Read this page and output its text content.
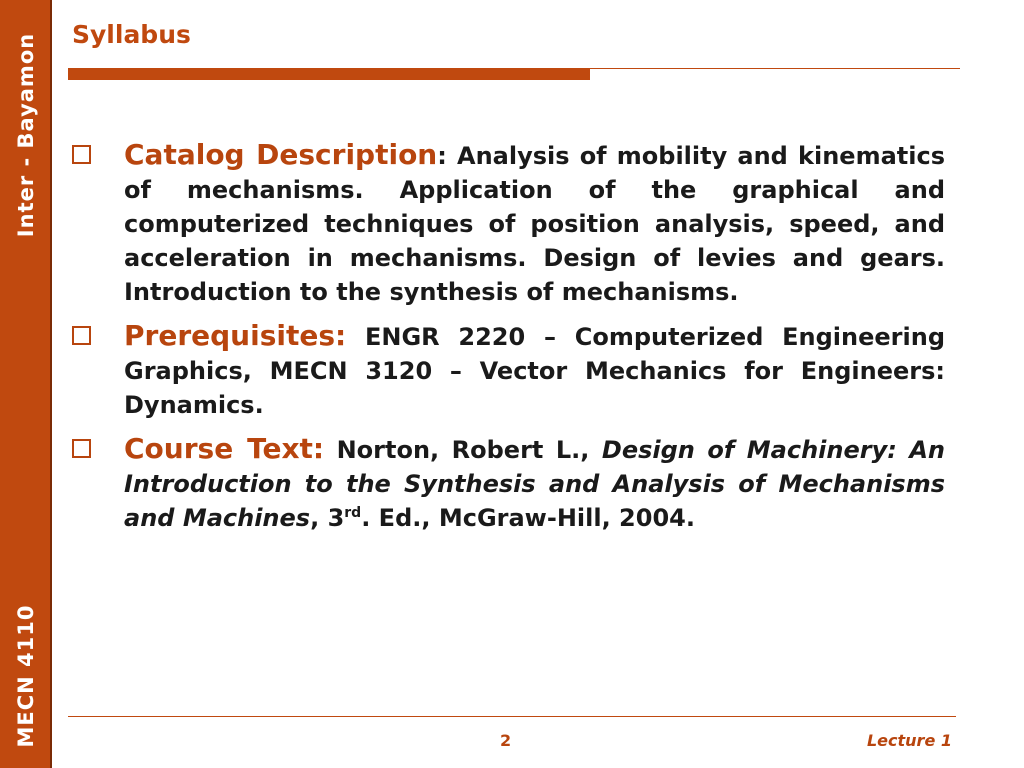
Inter - Bayamon
MECN 4110
Syllabus
Catalog Description: Analysis of mobility and kinematics of mechanisms. Application of the graphical and computerized techniques of position analysis, speed, and acceleration in mechanisms. Design of levies and gears. Introduction to the synthesis of mechanisms.
Prerequisites: ENGR 2220 – Computerized Engineering Graphics, MECN 3120 – Vector Mechanics for Engineers: Dynamics.
Course Text: Norton, Robert L., Design of Machinery: An Introduction to the Synthesis and Analysis of Mechanisms and Machines, 3rd. Ed., McGraw-Hill, 2004.
2	Lecture 1
